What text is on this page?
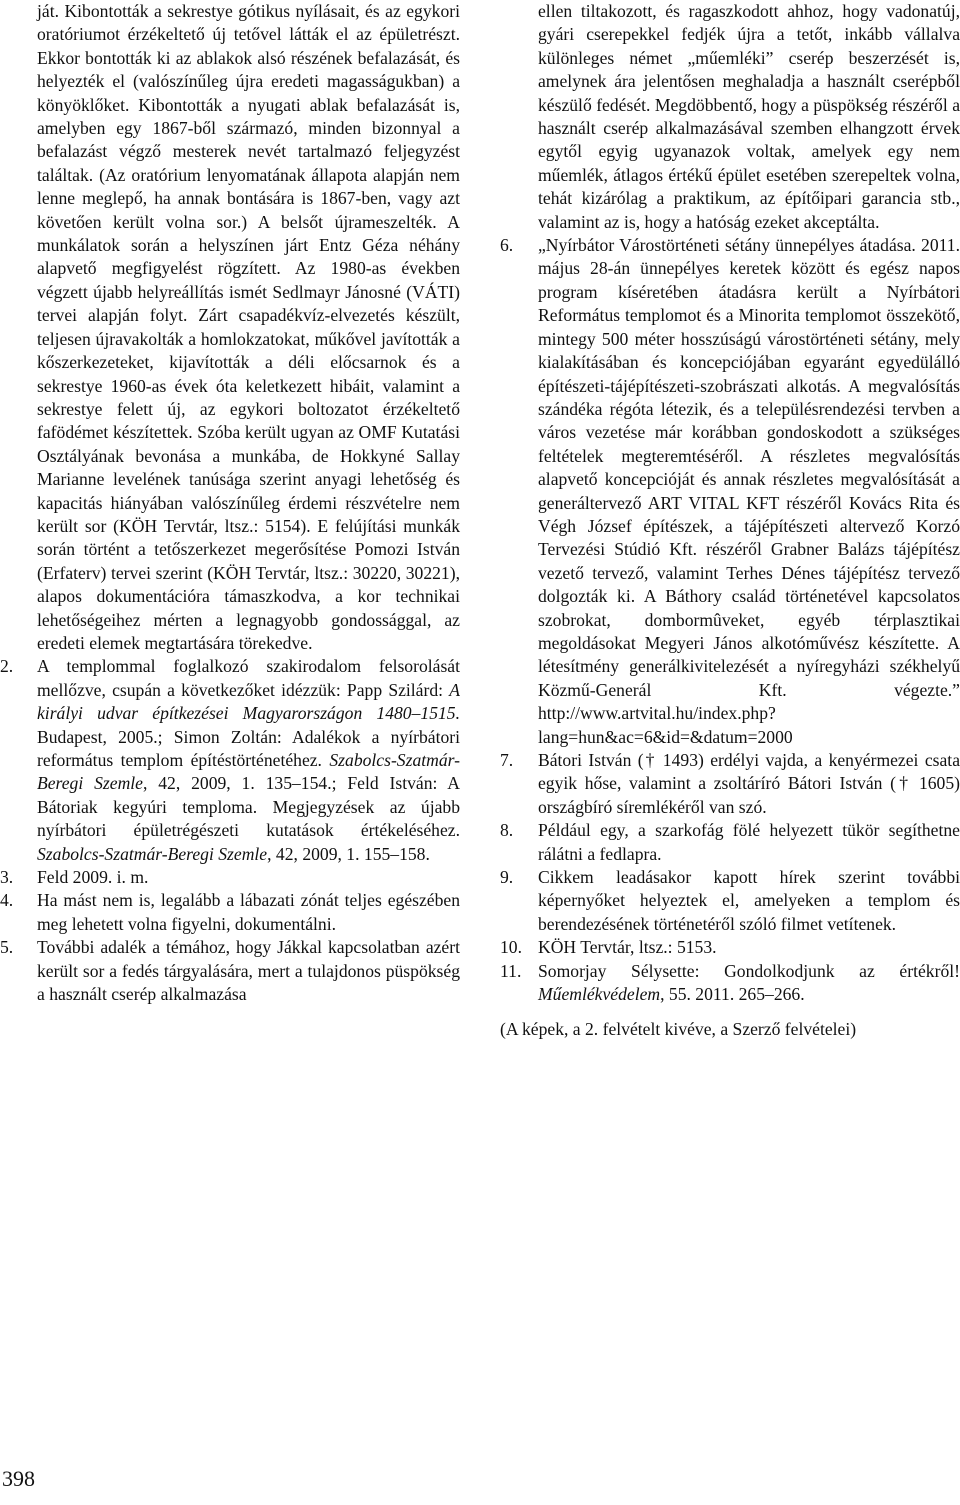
ját. Kibontották a sekrestye gótikus nyílásait, és az egykori oratóriumot érzékeltető új tetővel látták el az épületrészt. Ekkor bontották ki az ablakok alsó részének befalazását, és helyezték el (valószínűleg újra eredeti magasságukban) a könyöklőket. Kibontották a nyugati ablak befalazását is, amelyben egy 1867-ből származó, minden bizonnyal a befalazást végző mesterek nevét tartalmazó feljegyzést találtak. (Az oratórium lenyomatának állapota alapján nem lenne meglepő, ha annak bontására is 1867-ben, vagy azt követően került volna sor.) A belsőt újrameszelték. A munkálatok során a helyszínen járt Entz Géza néhány alapvető megfigyelést rögzített. Az 1980-as években végzett újabb helyreállítás ismét Sedlmayr Jánosné (VÁTI) tervei alapján folyt. Zárt csapadékvíz-elvezetés készült, teljesen újravakolták a homlokzatokat, műkővel javították a kőszerkezeteket, kijavították a déli előcsarnok és a sekrestye 1960-as évek óta keletkezett hibáit, valamint a sekrestye felett új, az egykori boltozatot érzékeltető fafödémet készítettek. Szóba került ugyan az OMF Kutatási Osztályának bevonása a munkába, de Hokkyné Sallay Marianne levelének tanúsága szerint anyagi lehetőség és kapacitás hiányában valószínűleg érdemi részvételre nem került sor (KÖH Tervtár, ltsz.: 5154). E felújítási munkák során történt a tetőszerkezet megerősítése Pomozi István (Erfaterv) tervei szerint (KÖH Tervtár, ltsz.: 30220, 30221), alapos dokumentációra támaszkodva, a kor technikai lehetőségeihez mérten a legnagyobb gondossággal, az eredeti elemek megtartására törekedve.

2.	A templommal foglalkozó szakirodalom felsorolását mellőzve, csupán a következőket idézzük: Papp Szilárd: A királyi udvar építkezései Magyarországon 1480–1515. Budapest, 2005.; Simon Zoltán: Adalékok a nyírbátori református templom építéstörténetéhez. Szabolcs-Szatmár-Beregi Szemle, 42, 2009, 1. 135–154.; Feld István: A Bátoriak kegyúri temploma. Megjegyzések az újabb nyírbátori épületrégészeti kutatások értékeléséhez. Szabolcs-Szatmár-Beregi Szemle, 42, 2009, 1. 155–158.
3.	Feld 2009. i. m.
4.	Ha mást nem is, legalább a lábazati zónát teljes egészében meg lehetett volna figyelni, dokumentálni.
5.	További adalék a témához, hogy Jákkal kapcsolatban azért került sor a fedés tárgyalására, mert a tulajdonos püspökség a használt cserép alkalmazása

ellen tiltakozott, és ragaszkodott ahhoz, hogy vadonatúj, gyári cserepekkel fedjék újra a tetőt, inkább vállalva különleges német „műemléki” cserép beszerzését is, amelynek ára jelentősen meghaladja a használt cserépből készülő fedését. Megdöbbentő, hogy a püspökség részéről a használt cserép alkalmazásával szemben elhangzott érvek egytől egyig ugyanazok voltak, amelyek egy nem műemlék, átlagos értékű épület esetében szerepeltek volna, tehát kizárólag a praktikum, az építőipari garancia stb., valamint az is, hogy a hatóság ezeket akceptálta.

6.	„Nyírbátor Várostörténeti sétány ünnepélyes átadása. 2011. május 28-án ünnepélyes keretek között és egész napos program kíséretében átadásra került a Nyírbátori Református templomot és a Minorita templomot összekötő, mintegy 500 méter hosszúságú várostörténeti sétány, mely kialakításában és koncepciójában egyaránt egyedülálló építészeti-tájépítészeti-szobrászati alkotás. A megvalósítás szándéka régóta létezik, és a településrendezési tervben a város vezetése már korábban gondoskodott a szükséges feltételek megteremtéséről. A részletes megvalósítás alapvető koncepcióját és annak részletes megvalósítását a generáltervező ART VITAL KFT részéről Kovács Rita és Végh József építészek, a tájépítészeti altervező Korzó Tervezési Stúdió Kft. részéről Grabner Balázs tájépítész vezető tervező, valamint Terhes Dénes tájépítész tervező dolgozták ki. A Báthory család történetével kapcsolatos szobrokat, dombormûveket, egyéb térplasztikai megoldásokat Megyeri János alkotóművész készítette. A létesítmény generálkivitelezését a nyíregyházi székhelyű Közmű-Generál Kft. végezte.” http://www.artvital.hu/index.php?lang=hun&ac=6&id=&datum=2000
7.	Bátori István († 1493) erdélyi vajda, a kenyérmezei csata egyik hőse, valamint a zsoltáríró Bátori István († 1605) országbíró síremlékéről van szó.
8.	Például egy, a szarkofág fölé helyezett tükör segíthetne rálátni a fedlapra.
9.	Cikkem leadásakor kapott hírek szerint további képernyőket helyeztek el, amelyeken a templom és berendezésének történetéről szóló filmet vetítenek.
10. KÖH Tervtár, ltsz.: 5153.
11. Somorjay Sélysette: Gondolkodjunk az értékről! Műemlékvédelem, 55. 2011. 265–266.

(A képek, a 2. felvételt kivéve, a Szerző felvételei)

398
